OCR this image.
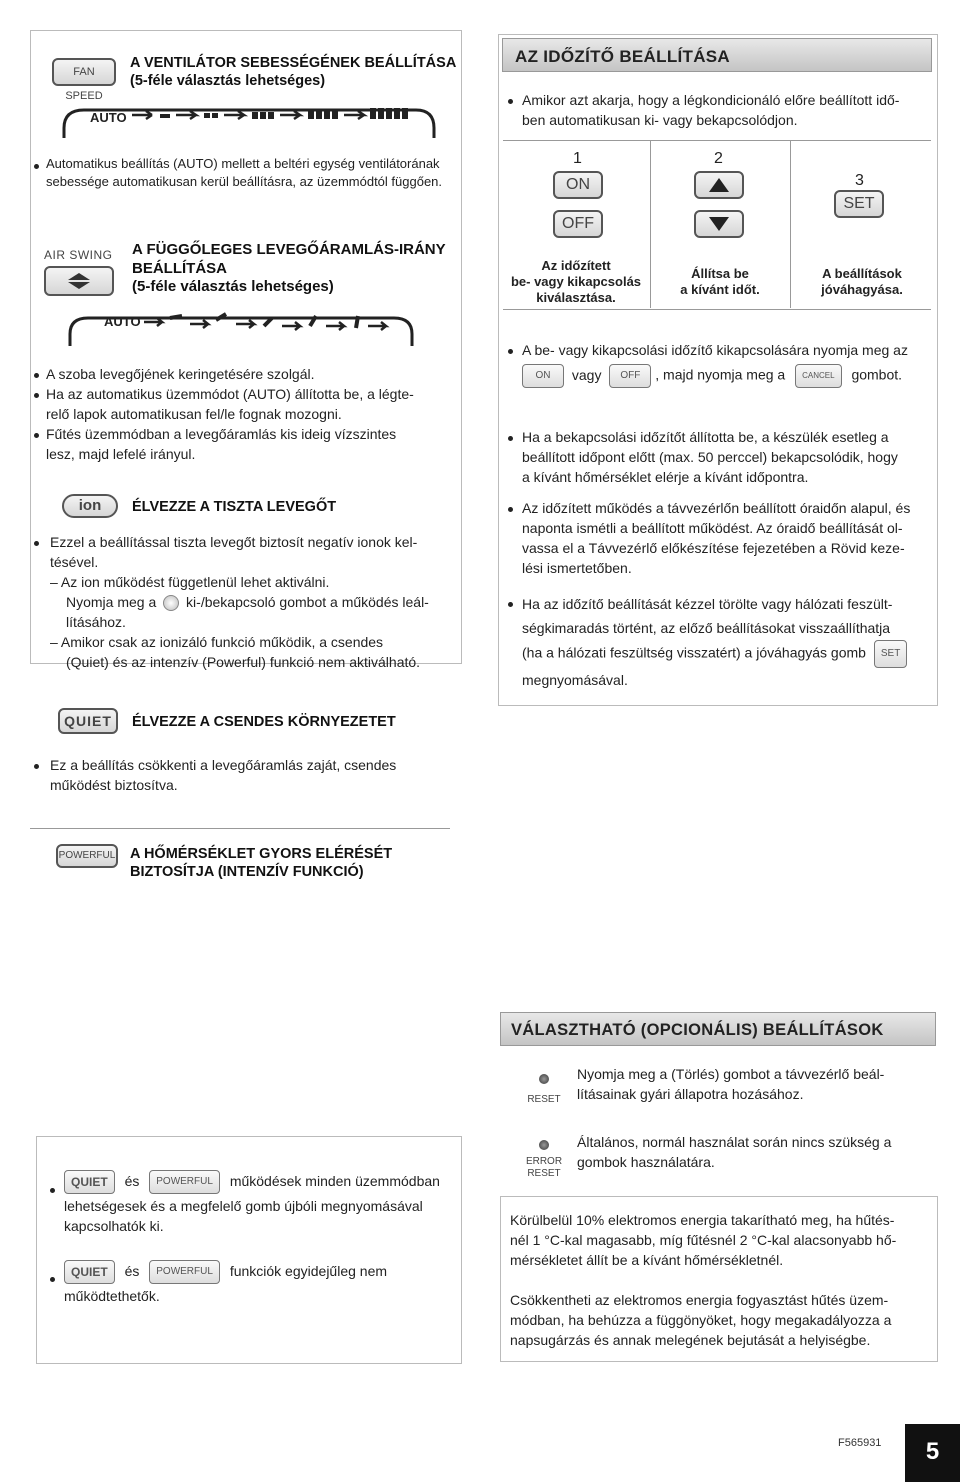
FAN SPEED
A VENTILÁTOR SEBESSÉGÉNEK BEÁLLÍTÁSA
(5-féle választás lehetséges)
AUTO
Automatikus beállítás (AUTO) mellett a beltéri egység ventilátorának
sebessége automatikusan kerül beállításra, az üzemmódtól függően.
AIR SWING A FÜGGŐLEGES LEVEGŐÁRAMLÁS-IRÁNY
BEÁLLÍTÁSA
(5-féle választás lehetséges)
AUTO
A szoba levegőjének keringetésére szolgál.
Ha az automatikus üzemmódot (AUTO) állította be, a légte-
relő lapok automatikusan fel/le fognak mozogni.
Fűtés üzemmódban a levegőáramlás kis ideig vízszintes
lesz, majd lefelé irányul.
ion	ÉLVEZZE A TISZTA LEVEGŐT
Ezzel a beállítással tiszta levegőt biztosít negatív ionok kel-
tésével.
– Az ion működést függetlenül lehet aktiválni.
Nyomja meg a ki-/bekapcsoló gombot a működés leál-
lításához.
– Amikor csak az ionizáló funkció működik, a csendes
(Quiet) és az intenzív (Powerful) funkció nem aktiválható.
QUIET	ÉLVEZZE A CSENDES KÖRNYEZETET
Ez a beállítás csökkenti a levegőáramlás zaját, csendes
működést biztosítva.
POWERFUL A HŐMÉRSÉKLET GYORS ELÉRÉSÉT
BIZTOSÍTJA (INTENZÍV FUNKCIÓ)
QUIET és POWERFUL működések minden üzemmódban
lehetségesek és a megfelelő gomb újbóli megnyomásával
kapcsolhatók ki.
QUIET és POWERFUL funkciók egyidejűleg nem
működtethetők.
AZ IDŐZÍTŐ BEÁLLÍTÁSA
Amikor azt akarja, hogy a légkondicionáló előre beállított idő-
ben automatikusan ki- vagy bekapcsolódjon.
1
ON
OFF
Az időzített
be- vagy kikapcsolás
kiválasztása.
2
Állítsa be
a kívánt időt.
3
SET
A beállítások
jóváhagyása.
A be- vagy kikapcsolási időzítő kikapcsolására nyomja meg az
ON vagy OFF , majd nyomja meg a CANCEL gombot.
Ha a bekapcsolási időzítőt állította be, a készülék esetleg a
beállított időpont előtt (max. 50 perccel) bekapcsolódik, hogy
a kívánt hőmérséklet elérje a kívánt időpontra.
Az időzített működés a távvezérlőn beállított óraidőn alapul, és
naponta ismétli a beállított működést. Az óraidő beállítását ol-
vassa el a Távvezérlő előkészítése fejezetében a Rövid keze-
lési ismertetőben.
Ha az időzítő beállítását kézzel törölte vagy hálózati feszült-
ségkimaradás történt, az előző beállításokat visszaállíthatja
(ha a hálózati feszültség visszatért) a jóváhagyás gomb SET
megnyomásával.
VÁLASZTHATÓ (OPCIONÁLIS) BEÁLLÍTÁSOK
RESET
Nyomja meg a (Törlés) gombot a távvezérlő beál-
lításainak gyári állapotra hozásához.
ERROR
RESET
Általános, normál használat során nincs szükség a
gombok használatára.
Körülbelül 10% elektromos energia takarítható meg, ha hűtés-
nél 1 °C-kal magasabb, míg fűtésnél 2 °C-kal alacsonyabb hő-
mérsékletet állít be a kívánt hőmérsékletnél.
Csökkentheti az elektromos energia fogyasztást hűtés üzem-
módban, ha behúzza a függönyöket, hogy megakadályozza a
napsugárzás és annak melegének bejutását a helyiségbe.
F565931	5
